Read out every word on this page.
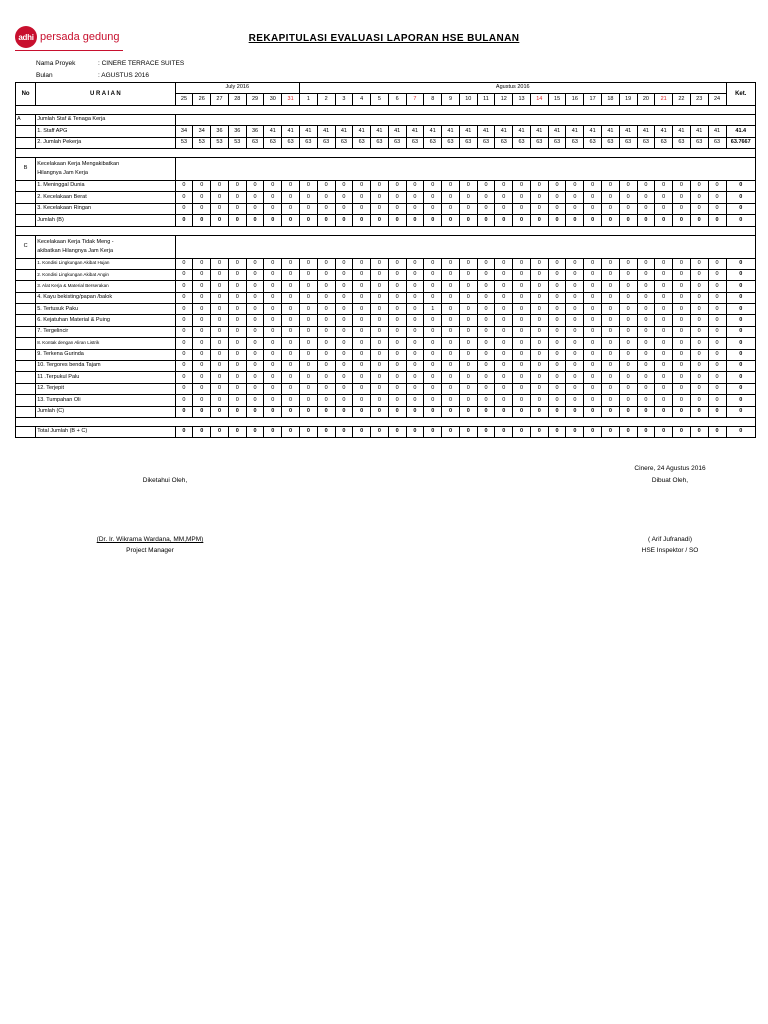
adhi persada gedung	REKAPITULASI EVALUASI LAPORAN HSE BULANAN
Nama Proyek	: CINERE TERRACE SUITES
Bulan	: AGUSTUS 2016
No	U R A I A N	July 2016							Agustus 2016																								Ket.
		25	26	27	28	29	30	31	1	2	3	4	5	6	7	8	9	10	11	12	13	14	15	16	17	18	19	20	21	22	23	24	

A	Jumlah Staf & Tenaga Kerja																																
	1. Staff APG	34	34	36	36	36	41	41	41	41	41	41	41	41	41	41	41	41	41	41	41	41	41	41	41	41	41	41	41	41	41	41	41.4
	2. Jumlah Pekerja	53	53	53	53	63	63	63	63	63	63	63	63	63	63	63	63	63	63	63	63	63	63	63	63	63	63	63	63	63	63	63	63.7667

B	Kecelakaan Kerja Mengakibatkan
Hilangnya Jam Kerja																																

	1. Meninggal Dunia	0	0	0	0	0	0	0	0	0	0	0	0	0	0	0	0	0	0	0	0	0	0	0	0	0	0	0	0	0	0	0	0
	2. Kecelakaan Berat	0	0	0	0	0	0	0	0	0	0	0	0	0	0	0	0	0	0	0	0	0	0	0	0	0	0	0	0	0	0	0	0
	3. Kecelakaan Ringan	0	0	0	0	0	0	0	0	0	0	0	0	0	0	0	0	0	0	0	0	0	0	0	0	0	0	0	0	0	0	0	0
	Jumlah (B)	0	0	0	0	0	0	0	0	0	0	0	0	0	0	0	0	0	0	0	0	0	0	0	0	0	0	0	0	0	0	0	0

C	Kecelakaan Kerja Tidak Meng -
akibatkan Hilangnya Jam Kerja																																

	1. Kondisi Lingkungan Akibat Hujan	0	0	0	0	0	0	0	0	0	0	0	0	0	0	0	0	0	0	0	0	0	0	0	0	0	0	0	0	0	0	0	0
	2. Kondisi Lingkungan Akibat Angin	0	0	0	0	0	0	0	0	0	0	0	0	0	0	0	0	0	0	0	0	0	0	0	0	0	0	0	0	0	0	0	0
	3. Alat Kerja & Material Berserakan	0	0	0	0	0	0	0	0	0	0	0	0	0	0	0	0	0	0	0	0	0	0	0	0	0	0	0	0	0	0	0	0
	4. Kayu bekisting/papan /balok	0	0	0	0	0	0	0	0	0	0	0	0	0	0	0	0	0	0	0	0	0	0	0	0	0	0	0	0	0	0	0	0
	5. Tertusuk Paku	0	0	0	0	0	0	0	0	0	0	0	0	0	0	1	0	0	0	0	0	0	0	0	0	0	0	0	0	0	0	0	0
	6. Kejatuhan Material & Puing	0	0	0	0	0	0	0	0	0	0	0	0	0	0	0	0	0	0	0	0	0	0	0	0	0	0	0	0	0	0	0	0
	7. Tergelincir	0	0	0	0	0	0	0	0	0	0	0	0	0	0	0	0	0	0	0	0	0	0	0	0	0	0	0	0	0	0	0	0
	8. Kontak dengan Aliran Listrik	0	0	0	0	0	0	0	0	0	0	0	0	0	0	0	0	0	0	0	0	0	0	0	0	0	0	0	0	0	0	0	0
	9. Terkena Gurinda	0	0	0	0	0	0	0	0	0	0	0	0	0	0	0	0	0	0	0	0	0	0	0	0	0	0	0	0	0	0	0	0
	10. Tergores benda Tajam	0	0	0	0	0	0	0	0	0	0	0	0	0	0	0	0	0	0	0	0	0	0	0	0	0	0	0	0	0	0	0	0
	11 .Terpukul Palu	0	0	0	0	0	0	0	0	0	0	0	0	0	0	0	0	0	0	0	0	0	0	0	0	0	0	0	0	0	0	0	0
	12. Terjepit	0	0	0	0	0	0	0	0	0	0	0	0	0	0	0	0	0	0	0	0	0	0	0	0	0	0	0	0	0	0	0	0
	13. Tumpahan Oli	0	0	0	0	0	0	0	0	0	0	0	0	0	0	0	0	0	0	0	0	0	0	0	0	0	0	0	0	0	0	0	0
	Jumlah (C)	0	0	0	0	0	0	0	0	0	0	0	0	0	0	0	0	0	0	0	0	0	0	0	0	0	0	0	0	0	0	0	0

	Total Jumlah (B + C)	0	0	0	0	0	0	0	0	0	0	0	0	0	0	0	0	0	0	0	0	0	0	0	0	0	0	0	0	0	0	0	0
Cinere, 24 Agustus 2016
Diketahui Oleh,	Dibuat Oleh,
(Dr. Ir. Wikrama Wardana, MM,MPM)
Project Manager
( Arif Jufranadi)
HSE Inspektor / SO
